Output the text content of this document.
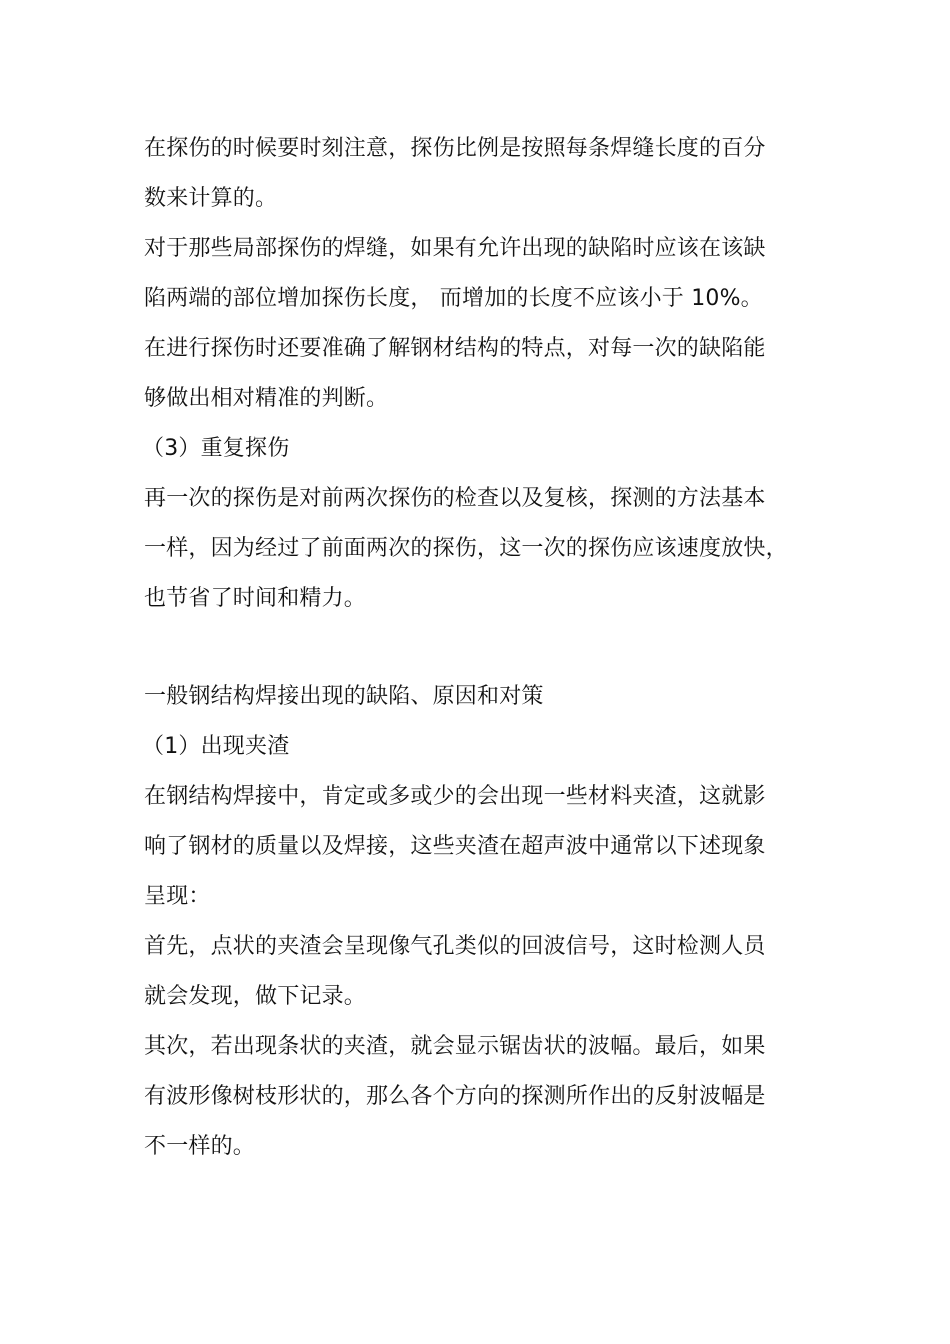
在探伤的时候要时刻注意，探伤比例是按照每条焊缝长度的百分
数来计算的。
对于那些局部探伤的焊缝，如果有允许出现的缺陷时应该在该缺
陷两端的部位增加探伤长度， 而增加的长度不应该小于 10%。
在进行探伤时还要准确了解钢材结构的特点，对每一次的缺陷能
够做出相对精准的判断。
（3）重复探伤
再一次的探伤是对前两次探伤的检查以及复核，探测的方法基本
一样，因为经过了前面两次的探伤，这一次的探伤应该速度放快，
也节省了时间和精力。
一般钢结构焊接出现的缺陷、原因和对策
（1）出现夹渣
在钢结构焊接中，肯定或多或少的会出现一些材料夹渣，这就影
响了钢材的质量以及焊接，这些夹渣在超声波中通常以下述现象
呈现：
首先，点状的夹渣会呈现像气孔类似的回波信号，这时检测人员
就会发现，做下记录。
其次，若出现条状的夹渣，就会显示锯齿状的波幅。最后，如果
有波形像树枝形状的，那么各个方向的探测所作出的反射波幅是
不一样的。
